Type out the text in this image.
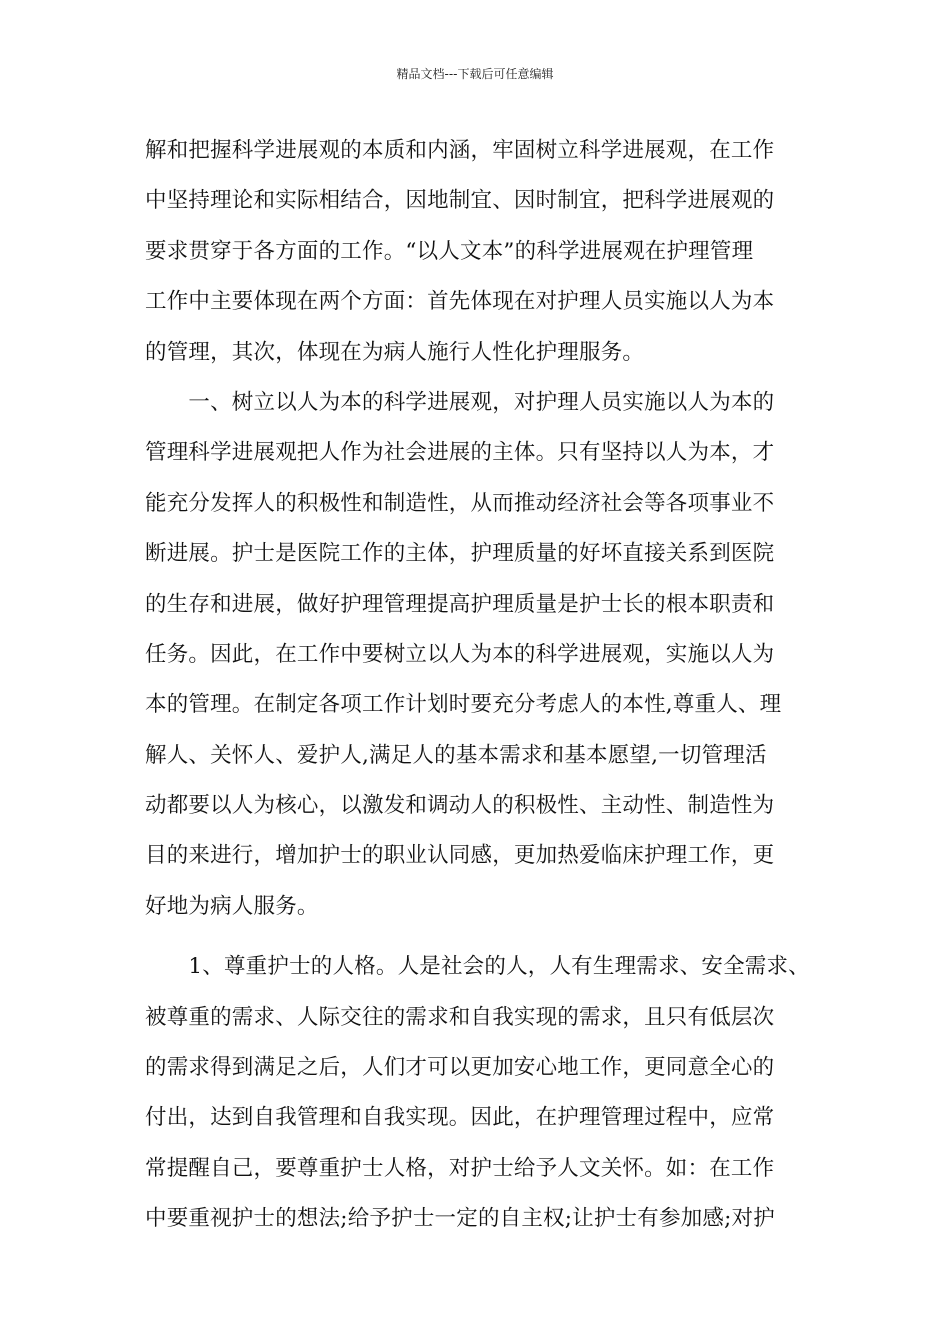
精品文档---下载后可任意编辑
解和把握科学进展观的本质和内涵，牢固树立科学进展观，在工作
中坚持理论和实际相结合，因地制宜、因时制宜，把科学进展观的
要求贯穿于各方面的工作。“以人文本”的科学进展观在护理管理
工作中主要体现在两个方面：首先体现在对护理人员实施以人为本
的管理，其次，体现在为病人施行人性化护理服务。
　　一、树立以人为本的科学进展观，对护理人员实施以人为本的
管理科学进展观把人作为社会进展的主体。只有坚持以人为本，才
能充分发挥人的积极性和制造性，从而推动经济社会等各项事业不
断进展。护士是医院工作的主体，护理质量的好坏直接关系到医院
的生存和进展，做好护理管理提高护理质量是护士长的根本职责和
任务。因此，在工作中要树立以人为本的科学进展观，实施以人为
本的管理。在制定各项工作计划时要充分考虑人的本性,尊重人、理
解人、关怀人、爱护人,满足人的基本需求和基本愿望,一切管理活
动都要以人为核心，以激发和调动人的积极性、主动性、制造性为
目的来进行，增加护士的职业认同感，更加热爱临床护理工作，更
好地为病人服务。
　　1、尊重护士的人格。人是社会的人，人有生理需求、安全需求、
被尊重的需求、人际交往的需求和自我实现的需求，且只有低层次
的需求得到满足之后，人们才可以更加安心地工作，更同意全心的
付出，达到自我管理和自我实现。因此，在护理管理过程中，应常
常提醒自己，要尊重护士人格，对护士给予人文关怀。如：在工作
中要重视护士的想法;给予护士一定的自主权;让护士有参加感;对护
